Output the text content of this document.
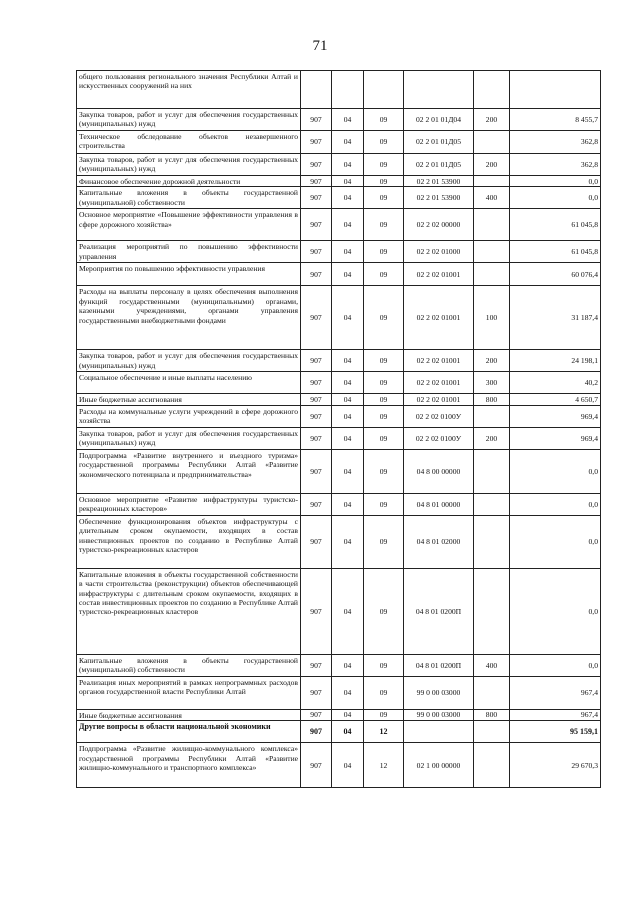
71
общего пользования регионального значения Республики Алтай и искусственных сооружений на них						
Закупка товаров, работ и услуг для обеспечения государственных (муниципальных) нужд	907	04	09	02 2 01 01Д04	200	8 455,7
Техническое обследование объектов незавершенного строительства	907	04	09	02 2 01 01Д05		362,8
Закупка товаров, работ и услуг для обеспечения государственных (муниципальных) нужд	907	04	09	02 2 01 01Д05	200	362,8
Финансовое обеспечение дорожной деятельности	907	04	09	02 2 01 53900		0,0
Капитальные вложения в объекты государственной (муниципальной) собственности	907	04	09	02 2 01 53900	400	0,0
Основное мероприятие «Повышение эффективности управления в сфере дорожного хозяйства»	907	04	09	02 2 02 00000		61 045,8
Реализация мероприятий по повышению эффективности управления	907	04	09	02 2 02 01000		61 045,8
Мероприятия по повышению эффективности управления	907	04	09	02 2 02 01001		60 076,4
Расходы на выплаты персоналу в целях обеспечения выполнения функций государственными (муниципальными) органами, казенными учреждениями, органами управления государственными внебюджетными фондами	907	04	09	02 2 02 01001	100	31 187,4
Закупка товаров, работ и услуг для обеспечения государственных (муниципальных) нужд	907	04	09	02 2 02 01001	200	24 198,1
Социальное обеспечение и иные выплаты населению	907	04	09	02 2 02 01001	300	40,2
Иные бюджетные ассигнования	907	04	09	02 2 02 01001	800	4 650,7
Расходы на коммунальные услуги учреждений в сфере дорожного хозяйства	907	04	09	02 2 02 0100У		969,4
Закупка товаров, работ и услуг для обеспечения государственных (муниципальных) нужд	907	04	09	02 2 02 0100У	200	969,4
Подпрограмма «Развитие внутреннего и въездного туризма» государственной программы Республики Алтай «Развитие экономического потенциала и предпринимательства»	907	04	09	04 8 00 00000		0,0
Основное мероприятие «Развитие инфраструктуры туристско-рекреационных кластеров»	907	04	09	04 8 01 00000		0,0
Обеспечение функционирования объектов инфраструктуры с длительным сроком окупаемости, входящих в состав инвестиционных проектов по созданию в Республике Алтай туристско-рекреационных кластеров	907	04	09	04 8 01 02000		0,0
Капитальные вложения в объекты государственной собственности в части строительства (реконструкции) объектов обеспечивающей инфраструктуры с длительным сроком окупаемости, входящих в состав инвестиционных проектов по созданию в Республике Алтай туристско-рекреационных кластеров	907	04	09	04 8 01 0200П		0,0
Капитальные вложения в объекты государственной (муниципальной) собственности	907	04	09	04 8 01 0200П	400	0,0
Реализация иных мероприятий в рамках непрограммных расходов органов государственной власти Республики Алтай	907	04	09	99 0 00 03000		967,4
Иные бюджетные ассигнования	907	04	09	99 0 00 03000	800	967,4
Другие вопросы в области национальной экономики	907	04	12			95 159,1
Подпрограмма «Развитие жилищно-коммунального комплекса» государственной программы Республики Алтай «Развитие жилищно-коммунального и транспортного комплекса»	907	04	12	02 1 00 00000		29 670,3
